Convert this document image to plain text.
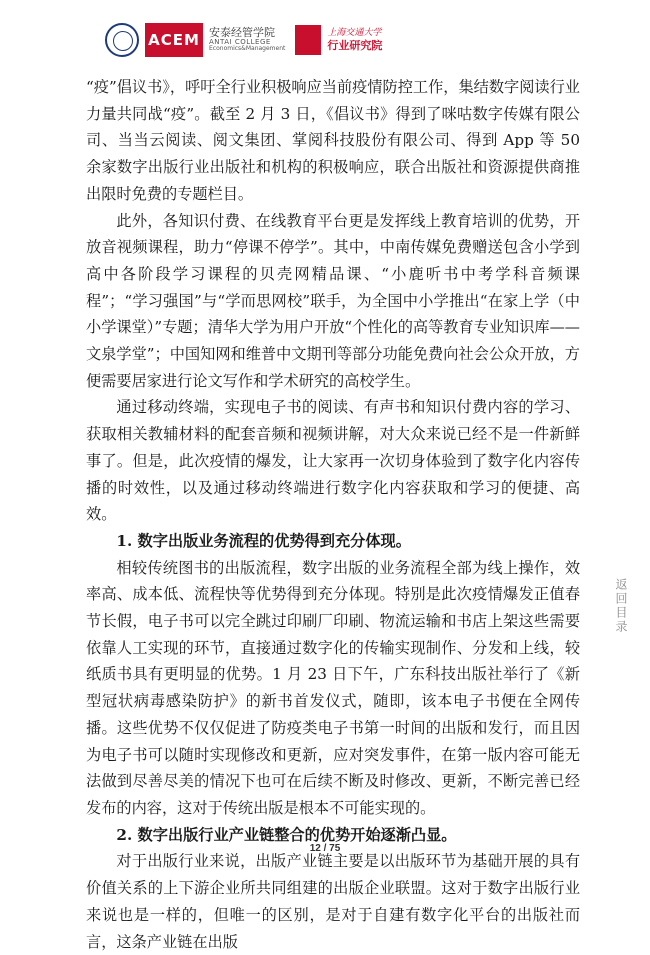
ACEM 安泰经管学院
ANTAI COLLEGE
Economics&Management
上海交通大学
行业研究院

“疫”倡议书》，呼吁全行业积极响应当前疫情防控工作，集结数字阅读行业力量共同战“疫”。截至 2 月 3 日，《倡议书》得到了咪咕数字传媒有限公司、当当云阅读、阅文集团、掌阅科技股份有限公司、得到 App 等 50 余家数字出版行业出版社和机构的积极响应，联合出版社和资源提供商推出限时免费的专题栏目。

此外，各知识付费、在线教育平台更是发挥线上教育培训的优势，开放音视频课程，助力“停课不停学”。其中，中南传媒免费赠送包含小学到高中各阶段学习课程的贝壳网精品课、“小鹿听书中考学科音频课程”；“学习强国”与“学而思网校”联手，为全国中小学推出“在家上学（中小学课堂）”专题；清华大学为用户开放“个性化的高等教育专业知识库——文泉学堂”；中国知网和维普中文期刊等部分功能免费向社会公众开放，方便需要居家进行论文写作和学术研究的高校学生。

通过移动终端，实现电子书的阅读、有声书和知识付费内容的学习、获取相关教辅材料的配套音频和视频讲解，对大众来说已经不是一件新鲜事了。但是，此次疫情的爆发，让大家再一次切身体验到了数字化内容传播的时效性，以及通过移动终端进行数字化内容获取和学习的便捷、高效。

1. 数字出版业务流程的优势得到充分体现。

相较传统图书的出版流程，数字出版的业务流程全部为线上操作，效率高、成本低、流程快等优势得到充分体现。特别是此次疫情爆发正值春节长假，电子书可以完全跳过印刷厂印刷、物流运输和书店上架这些需要依靠人工实现的环节，直接通过数字化的传输实现制作、分发和上线，较纸质书具有更明显的优势。1 月 23 日下午，广东科技出版社举行了《新型冠状病毒感染防护》的新书首发仪式，随即，该本电子书便在全网传播。这些优势不仅仅促进了防疫类电子书第一时间的出版和发行，而且因为电子书可以随时实现修改和更新，应对突发事件，在第一版内容可能无法做到尽善尽美的情况下也可在后续不断及时修改、更新，不断完善已经发布的内容，这对于传统出版是根本不可能实现的。

2. 数字出版行业产业链整合的优势开始逐渐凸显。

对于出版行业来说，出版产业链主要是以出版环节为基础开展的具有价值关系的上下游企业所共同组建的出版企业联盟。这对于数字出版行业来说也是一样的，但唯一的区别，是对于自建有数字化平台的出版社而言，这条产业链在出版

12 / 75
返回目录
